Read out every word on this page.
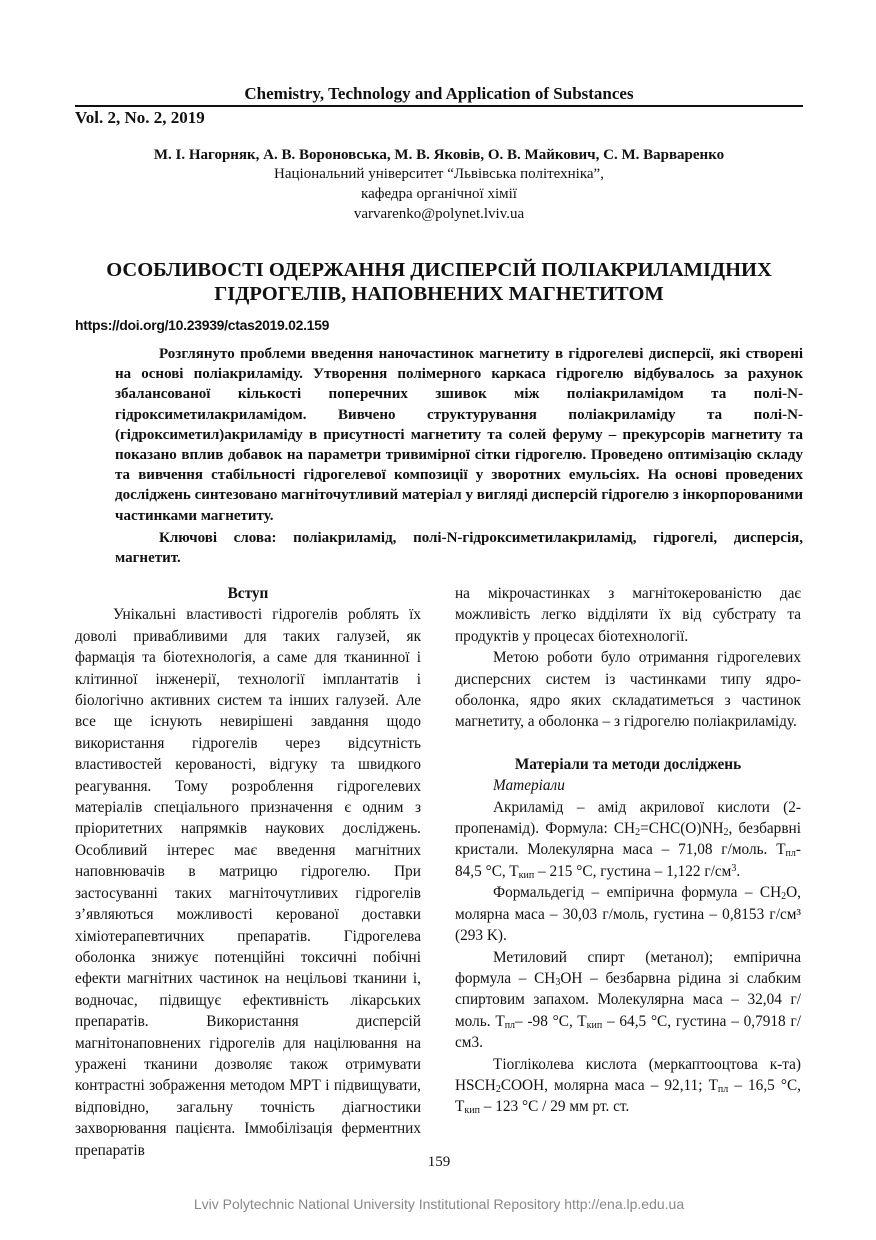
Chemistry, Technology and Application of Substances
Vol. 2, No. 2, 2019
М. І. Нагорняк, А. В. Вороновська, М. В. Яковів, О. В. Майкович, С. М. Варваренко
Національний університет “Львівська політехніка”,
кафедра органічної хімії
varvarenko@polynet.lviv.ua
ОСОБЛИВОСТІ ОДЕРЖАННЯ ДИСПЕРСІЙ ПОЛІАКРИЛАМІДНИХ
ГІДРОГЕЛІВ, НАПОВНЕНИХ МАГНЕТИТОМ
https://doi.org/10.23939/ctas2019.02.159
Розглянуто проблеми введення наночастинок магнетиту в гідрогелеві дисперсії, які створені на основі поліакриламіду. Утворення полімерного каркаса гідрогелю відбувалось за рахунок збалансованої кількості поперечних зшивок між поліакриламідом та полі-N-гідроксиметилакриламідом. Вивчено структурування поліакриламіду та полі-N-(гідроксиметил)акриламіду в присутності магнетиту та солей феруму – прекурсорів магнетиту та показано вплив добавок на параметри тривимірної сітки гідрогелю. Проведено оптимізацію складу та вивчення стабільності гідрогелевої композиції у зворотних емульсіях. На основі проведених досліджень синтезовано магніточутливий матеріал у вигляді дисперсій гідрогелю з інкорпорованими частинками магнетиту.
Ключові слова: поліакриламід, полі-N-гідроксиметилакриламід, гідрогелі, дисперсія, магнетит.

Вступ

Унікальні властивості гідрогелів роблять їх доволі привабливими для таких галузей, як фармація та біотехнологія, а саме для тканинної і клітинної інженерії, технології імплантатів і біологічно активних систем та інших галузей. Але все ще існують невирішені завдання щодо використання гідрогелів через відсутність властивостей керованості, відгуку та швидкого реагування. Тому розроблення гідрогелевих матеріалів спеціального призначення є одним з пріоритетних напрямків наукових досліджень. Особливий інтерес має введення магнітних наповнювачів в матрицю гідрогелю. При застосуванні таких магніточутливих гідрогелів з’являються можливості керованої доставки хіміотерапевтичних препаратів. Гідрогелева оболонка знижує потенційні токсичні побічні ефекти магнітних частинок на нецільові тканини і, водночас, підвищує ефективність лікарських препаратів. Використання дисперсій магнітонаповнених гідрогелів для націлювання на уражені тканини дозволяє також отримувати контрастні зображення методом МРТ і підвищувати, відповідно, загальну точність діагностики захворювання пацієнта. Іммобілізація ферментних препаратів

на мікрочастинках з магнітокерованістю дає можливість легко відділяти їх від субстрату та продуктів у процесах біотехнології.

Метою роботи було отримання гідрогелевих дисперсних систем із частинками типу ядро-оболонка, ядро яких складатиметься з частинок магнетиту, а оболонка – з гідрогелю поліакриламіду.

Матеріали та методи досліджень

Матеріали

Акриламід – амід акрилової кислоти (2-пропенамід). Формула: $CH_2=CHC(O)NH_2$, безбарвні кристали. Молекулярна маса – 71,08 г/моль. $T_{пл}-$ 84,5 °C, $T_{кип} - 215$ °C, густина – 1,122 $г/см^3$.

Формальдегід – емпірична формула – $CH_2O$, молярна маса – 30,03 г/моль, густина – 0,8153 г/см³ (293 K).

Метиловий спирт (метанол); емпірична формула – $CH_3OH$ – безбарвна рідина зі слабким спиртовим запахом. Молекулярна маса – 32,04 г/моль. $T_{пл}-$ -98 °C, $T_{кип} - 64,5$ °C, густина – 0,7918 г/см3.

Тіогліколева кислота (меркаптооцтова к-та) $HSCH_2COOH$, молярна маса – 92,11; $T_{пл} - 16,5$ °C, $T_{кип} - 123$ °C / 29 мм рт. ст.

159
Lviv Polytechnic National University Institutional Repository http://ena.lp.edu.ua
